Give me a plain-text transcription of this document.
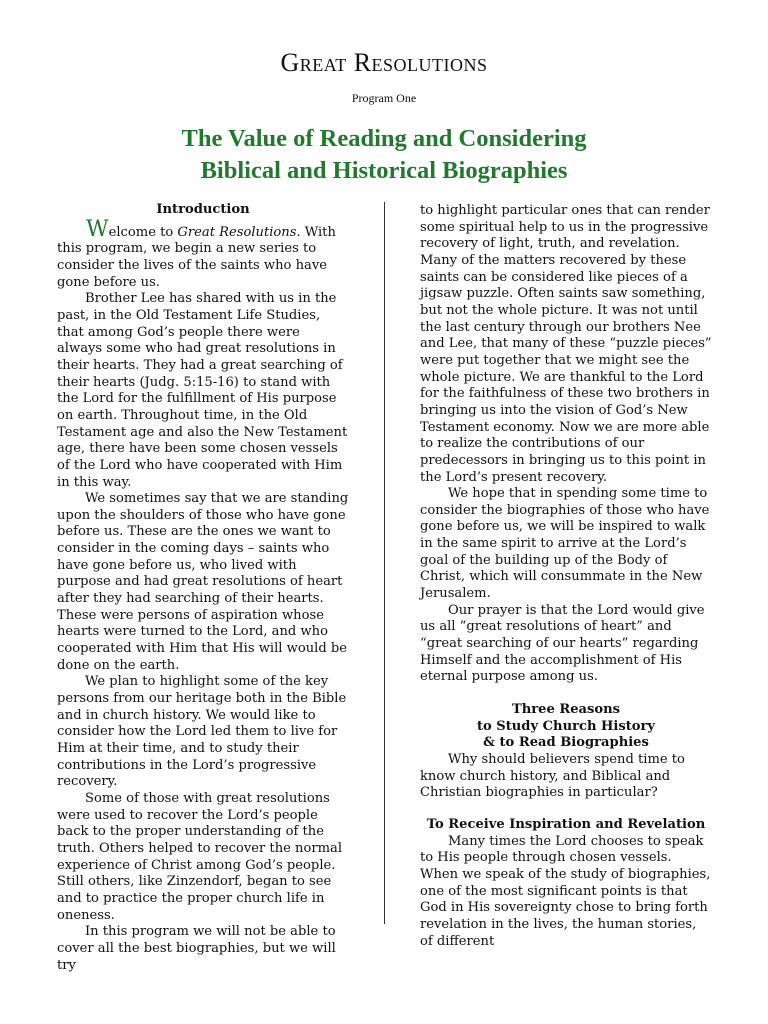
Great Resolutions
Program One
The Value of Reading and Considering
Biblical and Historical Biographies
Introduction

Welcome to Great Resolutions. With this program, we begin a new series to consider the lives of the saints who have gone before us.

Brother Lee has shared with us in the past, in the Old Testament Life Studies, that among God’s people there were always some who had great resolutions in their hearts. They had a great searching of their hearts (Judg. 5:15-16) to stand with the Lord for the fulfillment of His purpose on earth. Throughout time, in the Old Testament age and also the New Testament age, there have been some chosen vessels of the Lord who have cooperated with Him in this way.

We sometimes say that we are standing upon the shoulders of those who have gone before us. These are the ones we want to consider in the coming days – saints who have gone before us, who lived with purpose and had great resolutions of heart after they had searching of their hearts. These were persons of aspiration whose hearts were turned to the Lord, and who cooperated with Him that His will would be done on the earth.

We plan to highlight some of the key persons from our heritage both in the Bible and in church history. We would like to consider how the Lord led them to live for Him at their time, and to study their contributions in the Lord’s progressive recovery.

Some of those with great resolutions were used to recover the Lord’s people back to the proper understanding of the truth. Others helped to recover the normal experience of Christ among God’s people. Still others, like Zinzendorf, began to see and to practice the proper church life in oneness.

In this program we will not be able to cover all the best biographies, but we will try

to highlight particular ones that can render some spiritual help to us in the progressive recovery of light, truth, and revelation. Many of the matters recovered by these saints can be considered like pieces of a jigsaw puzzle. Often saints saw something, but not the whole picture. It was not until the last century through our brothers Nee and Lee, that many of these “puzzle pieces” were put together that we might see the whole picture. We are thankful to the Lord for the faithfulness of these two brothers in bringing us into the vision of God’s New Testament economy. Now we are more able to realize the contributions of our predecessors in bringing us to this point in the Lord’s present recovery.

We hope that in spending some time to consider the biographies of those who have gone before us, we will be inspired to walk in the same spirit to arrive at the Lord’s goal of the building up of the Body of Christ, which will consummate in the New Jerusalem.

Our prayer is that the Lord would give us all “great resolutions of heart” and “great searching of our hearts” regarding Himself and the accomplishment of His eternal purpose among us.

Three Reasons
to Study Church History
& to Read Biographies

Why should believers spend time to know church history, and Biblical and Christian biographies in particular?

To Receive Inspiration and Revelation

Many times the Lord chooses to speak to His people through chosen vessels. When we speak of the study of biographies, one of the most significant points is that God in His sovereignty chose to bring forth revelation in the lives, the human stories, of different
